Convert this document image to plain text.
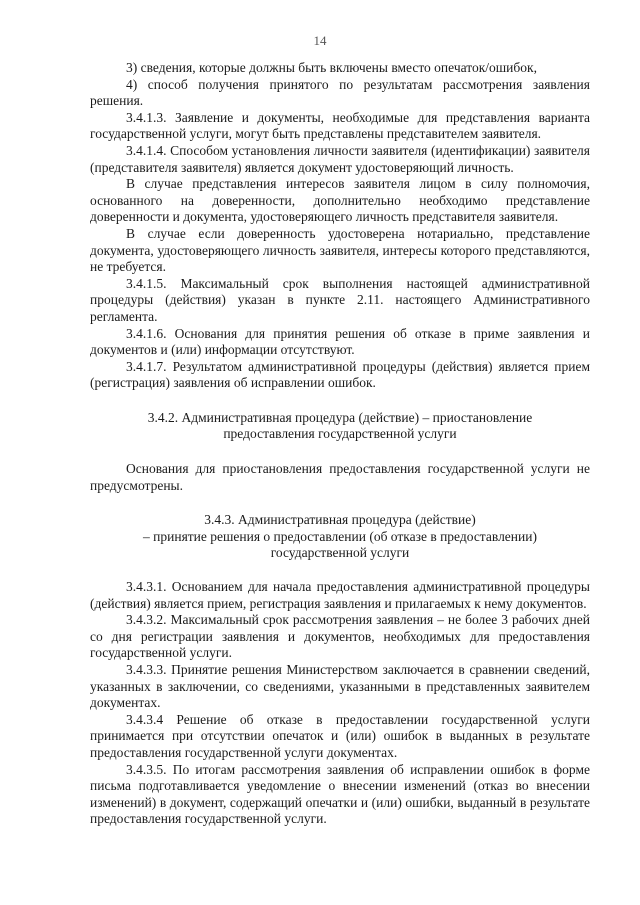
14

3) сведения, которые должны быть включены вместо опечаток/ошибок,

4) способ получения принятого по результатам рассмотрения заявления решения.

3.4.1.3. Заявление и документы, необходимые для представления варианта государственной услуги, могут быть представлены представителем заявителя.

3.4.1.4. Способом установления личности заявителя (идентификации) заявителя (представителя заявителя) является документ удостоверяющий личность.

В случае представления интересов заявителя лицом в силу полномочия, основанного на доверенности, дополнительно необходимо представление доверенности и документа, удостоверяющего личность представителя заявителя.

В случае если доверенность удостоверена нотариально, представление документа, удостоверяющего личность заявителя, интересы которого представляются, не требуется.

3.4.1.5. Максимальный срок выполнения настоящей административной процедуры (действия) указан в пункте 2.11. настоящего Административного регламента.

3.4.1.6. Основания для принятия решения об отказе в приме заявления и документов и (или) информации отсутствуют.

3.4.1.7. Результатом административной процедуры (действия) является прием (регистрация) заявления об исправлении ошибок.

3.4.2. Административная процедура (действие) – приостановление

предоставления государственной услуги

Основания для приостановления предоставления государственной услуги не предусмотрены.

3.4.3. Административная процедура (действие)

– принятие решения о предоставлении (об отказе в предоставлении)

государственной услуги

3.4.3.1. Основанием для начала предоставления административной процедуры (действия) является прием, регистрация заявления и прилагаемых к нему документов.

3.4.3.2. Максимальный срок рассмотрения заявления – не более 3 рабочих дней со дня регистрации заявления и документов, необходимых для предоставления государственной услуги.

3.4.3.3. Принятие решения Министерством заключается в сравнении сведений, указанных в заключении, со сведениями, указанными в представленных заявителем документах.

3.4.3.4 Решение об отказе в предоставлении государственной услуги принимается при отсутствии опечаток и (или) ошибок в выданных в результате предоставления государственной услуги документах.

3.4.3.5. По итогам рассмотрения заявления об исправлении ошибок в форме письма подготавливается уведомление о внесении изменений (отказ во внесении изменений) в документ, содержащий опечатки и (или) ошибки, выданный в результате предоставления государственной услуги.
